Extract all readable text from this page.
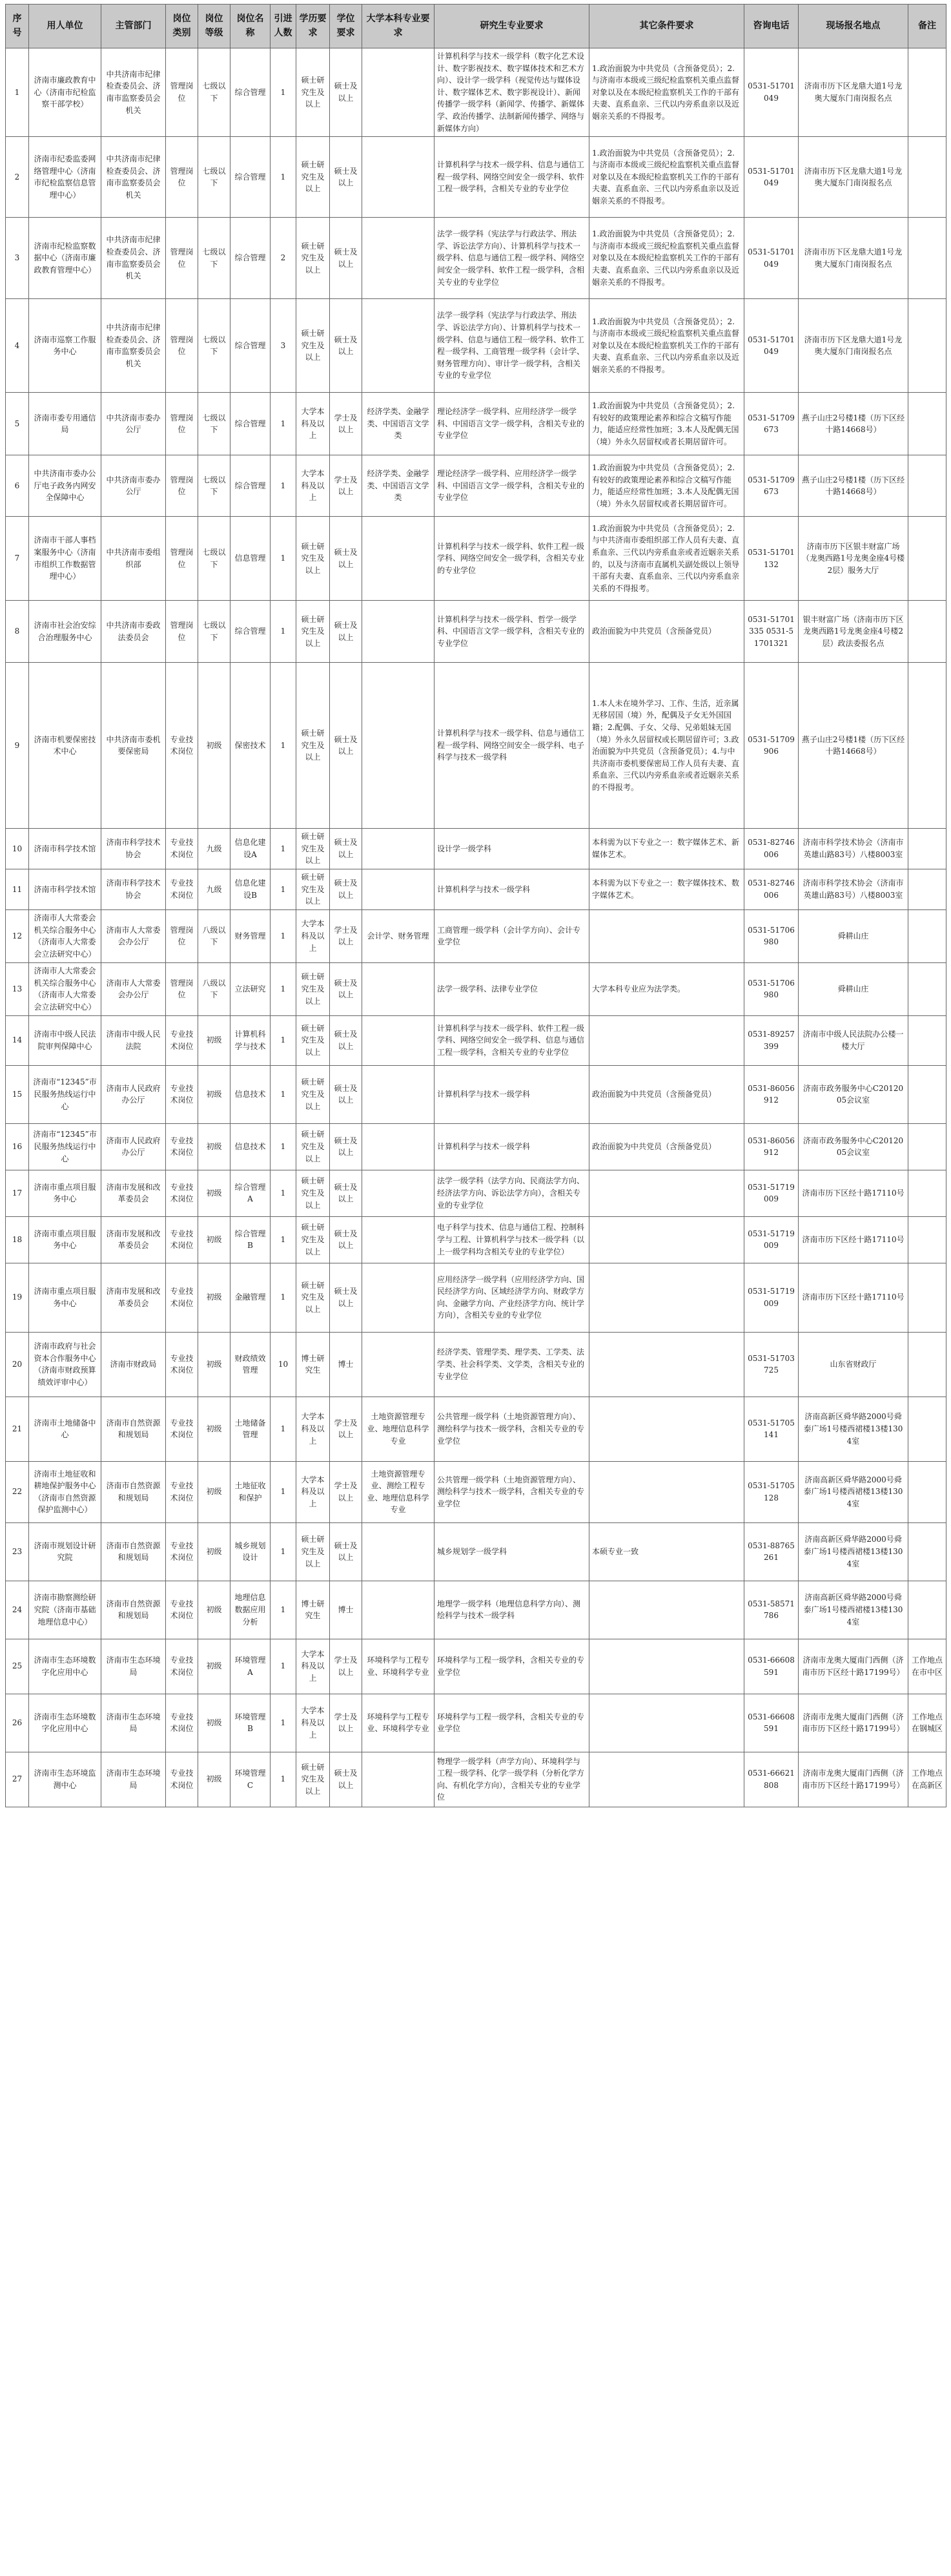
序号	用人单位	主管部门	岗位类别	岗位等级	岗位名称	引进人数	学历要求	学位要求	大学本科专业要求	研究生专业要求	其它条件要求	咨询电话	现场报名地点	备注
1	济南市廉政教育中心（济南市纪检监察干部学校）	中共济南市纪律检查委员会、济南市监察委员会机关	管理岗位	七级以下	综合管理	1	硕士研究生及以上	硕士及以上		计算机科学与技术一级学科（数字化艺术设计、数字影视技术、数字媒体技术和艺术方向）、设计学一级学科（视觉传达与媒体设计、数字媒体艺术、数字影视设计）、新闻传播学一级学科（新闻学、传播学、新媒体学、政治传播学、法制新闻传播学、网络与新媒体方向）	1.政治面貌为中共党员（含预备党员）；2.与济南市本级或三级纪检监察机关重点监督对象以及在本级纪检监察机关工作的干部有夫妻、直系血亲、三代以内旁系血亲以及近姻亲关系的不得报考。	0531-51701049	济南市历下区龙鼎大道1号龙奥大厦东门南岗报名点	
2	济南市纪委监委网络管理中心（济南市纪检监察信息管理中心）	中共济南市纪律检查委员会、济南市监察委员会机关	管理岗位	七级以下	综合管理	1	硕士研究生及以上	硕士及以上		计算机科学与技术一级学科、信息与通信工程一级学科、网络空间安全一级学科、软件工程一级学科，含相关专业的专业学位	1.政治面貌为中共党员（含预备党员）；2.与济南市本级或三级纪检监察机关重点监督对象以及在本级纪检监察机关工作的干部有夫妻、直系血亲、三代以内旁系血亲以及近姻亲关系的不得报考。	0531-51701049	济南市历下区龙鼎大道1号龙奥大厦东门南岗报名点	
3	济南市纪检监察数据中心（济南市廉政教育管理中心）	中共济南市纪律检查委员会、济南市监察委员会机关	管理岗位	七级以下	综合管理	2	硕士研究生及以上	硕士及以上		法学一级学科（宪法学与行政法学、刑法学、诉讼法学方向）、计算机科学与技术一级学科、信息与通信工程一级学科、网络空间安全一级学科、软件工程一级学科，含相关专业的专业学位	1.政治面貌为中共党员（含预备党员）；2.与济南市本级或三级纪检监察机关重点监督对象以及在本级纪检监察机关工作的干部有夫妻、直系血亲、三代以内旁系血亲以及近姻亲关系的不得报考。	0531-51701049	济南市历下区龙鼎大道1号龙奥大厦东门南岗报名点	
4	济南市巡察工作服务中心	中共济南市纪律检查委员会、济南市监察委员会机关	管理岗位	七级以下	综合管理	3	硕士研究生及以上	硕士及以上		法学一级学科（宪法学与行政法学、刑法学、诉讼法学方向）、计算机科学与技术一级学科、信息与通信工程一级学科、软件工程一级学科、工商管理一级学科（会计学、财务管理方向）、审计学一级学科，含相关专业的专业学位	1.政治面貌为中共党员（含预备党员）；2.与济南市本级或三级纪检监察机关重点监督对象以及在本级纪检监察机关工作的干部有夫妻、直系血亲、三代以内旁系血亲以及近姻亲关系的不得报考。	0531-51701049	济南市历下区龙鼎大道1号龙奥大厦东门南岗报名点	
5	济南市委专用通信局	中共济南市委办公厅	管理岗位	七级以下	综合管理	1	大学本科及以上	学士及以上	经济学类、金融学类、中国语言文学类	理论经济学一级学科、应用经济学一级学科、中国语言文学一级学科，含相关专业的专业学位	1.政治面貌为中共党员（含预备党员）；2.有较好的政策理论素养和综合文稿写作能力，能适应经常性加班；3.本人及配偶无国（境）外永久居留权或者长期居留许可。	0531-51709673	燕子山庄2号楼1楼（历下区经十路14668号）	
6	中共济南市委办公厅电子政务内网安全保障中心	中共济南市委办公厅	管理岗位	七级以下	综合管理	1	大学本科及以上	学士及以上	经济学类、金融学类、中国语言文学类	理论经济学一级学科、应用经济学一级学科、中国语言文学一级学科，含相关专业的专业学位	1.政治面貌为中共党员（含预备党员）；2.有较好的政策理论素养和综合文稿写作能力，能适应经常性加班；3.本人及配偶无国（境）外永久居留权或者长期居留许可。	0531-51709673	燕子山庄2号楼1楼（历下区经十路14668号）	
7	济南市干部人事档案服务中心（济南市组织工作数据管理中心）	中共济南市委组织部	管理岗位	七级以下	信息管理	1	硕士研究生及以上	硕士及以上		计算机科学与技术一级学科、软件工程一级学科、网络空间安全一级学科，含相关专业的专业学位	1.政治面貌为中共党员（含预备党员）；2.与中共济南市委组织部工作人员有夫妻、直系血亲、三代以内旁系血亲或者近姻亲关系的，以及与济南市直属机关副处级以上领导干部有夫妻、直系血亲、三代以内旁系血亲关系的不得报考。	0531-51701132	济南市历下区银丰财富广场（龙奥西路1号龙奥金座4号楼2层）服务大厅	
8	济南市社会治安综合治理服务中心	中共济南市委政法委员会	管理岗位	七级以下	综合管理	1	硕士研究生及以上	硕士及以上		计算机科学与技术一级学科、哲学一级学科、中国语言文学一级学科，含相关专业的专业学位	政治面貌为中共党员（含预备党员）	0531-51701335 0531-51701321	银丰财富广场（济南市历下区龙奥西路1号龙奥金座4号楼2层）政法委报名点	
9	济南市机要保密技术中心	中共济南市委机要保密局	专业技术岗位	初级	保密技术	1	硕士研究生及以上	硕士及以上		计算机科学与技术一级学科、信息与通信工程一级学科、网络空间安全一级学科、电子科学与技术一级学科	1.本人未在境外学习、工作、生活，近亲属无移居国（境）外，配偶及子女无外国国籍；2.配偶、子女、父母、兄弟姐妹无国（境）外永久居留权或长期居留许可；3.政治面貌为中共党员（含预备党员）；4.与中共济南市委机要保密局工作人员有夫妻、直系血亲、三代以内旁系血亲或者近姻亲关系的不得报考。	0531-51709906	燕子山庄2号楼1楼（历下区经十路14668号）	
10	济南市科学技术馆	济南市科学技术协会	专业技术岗位	九级	信息化建设A	1	硕士研究生及以上	硕士及以上		设计学一级学科	本科需为以下专业之一：数字媒体艺术、新媒体艺术。	0531-82746006	济南市科学技术协会（济南市英雄山路83号）八楼8003室	
11	济南市科学技术馆	济南市科学技术协会	专业技术岗位	九级	信息化建设B	1	硕士研究生及以上	硕士及以上		计算机科学与技术一级学科	本科需为以下专业之一：数字媒体技术、数字媒体艺术。	0531-82746006	济南市科学技术协会（济南市英雄山路83号）八楼8003室	
12	济南市人大常委会机关综合服务中心（济南市人大常委会立法研究中心）	济南市人大常委会办公厅	管理岗位	八级以下	财务管理	1	大学本科及以上	学士及以上	会计学、财务管理	工商管理一级学科（会计学方向）、会计专业学位		0531-51706980	舜耕山庄	
13	济南市人大常委会机关综合服务中心（济南市人大常委会立法研究中心）	济南市人大常委会办公厅	管理岗位	八级以下	立法研究	1	硕士研究生及以上	硕士及以上		法学一级学科、法律专业学位	大学本科专业应为法学类。	0531-51706980	舜耕山庄	
14	济南市中级人民法院审判保障中心	济南市中级人民法院	专业技术岗位	初级	计算机科学与技术	1	硕士研究生及以上	硕士及以上		计算机科学与技术一级学科、软件工程一级学科、网络空间安全一级学科、信息与通信工程一级学科，含相关专业的专业学位		0531-89257399	济南市中级人民法院办公楼一楼大厅	
15	济南市“12345”市民服务热线运行中心	济南市人民政府办公厅	专业技术岗位	初级	信息技术	1	硕士研究生及以上	硕士及以上		计算机科学与技术一级学科	政治面貌为中共党员（含预备党员）	0531-86056912	济南市政务服务中心C2012005会议室	
16	济南市“12345”市民服务热线运行中心	济南市人民政府办公厅	专业技术岗位	初级	信息技术	1	硕士研究生及以上	硕士及以上		计算机科学与技术一级学科	政治面貌为中共党员（含预备党员）	0531-86056912	济南市政务服务中心C2012005会议室	
17	济南市重点项目服务中心	济南市发展和改革委员会	专业技术岗位	初级	综合管理A	1	硕士研究生及以上	硕士及以上		法学一级学科（法学方向、民商法学方向、经济法学方向、诉讼法学方向），含相关专业的专业学位		0531-51719009	济南市历下区经十路17110号	
18	济南市重点项目服务中心	济南市发展和改革委员会	专业技术岗位	初级	综合管理B	1	硕士研究生及以上	硕士及以上		电子科学与技术、信息与通信工程、控制科学与工程、计算机科学与技术一级学科（以上一级学科均含相关专业的专业学位）		0531-51719009	济南市历下区经十路17110号	
19	济南市重点项目服务中心	济南市发展和改革委员会	专业技术岗位	初级	金融管理	1	硕士研究生及以上	硕士及以上		应用经济学一级学科（应用经济学方向、国民经济学方向、区域经济学方向、财政学方向、金融学方向、产业经济学方向、统计学方向），含相关专业的专业学位		0531-51719009	济南市历下区经十路17110号	
20	济南市政府与社会资本合作服务中心（济南市财政预算绩效评审中心）	济南市财政局	专业技术岗位	初级	财政绩效管理	10	博士研究生	博士		经济学类、管理学类、理学类、工学类、法学类、社会科学类、文学类，含相关专业的专业学位		0531-51703725	山东省财政厅	
21	济南市土地储备中心	济南市自然资源和规划局	专业技术岗位	初级	土地储备管理	1	大学本科及以上	学士及以上	土地资源管理专业、地理信息科学专业	公共管理一级学科（土地资源管理方向）、测绘科学与技术一级学科，含相关专业的专业学位		0531-51705141	济南高新区舜华路2000号舜泰广场1号楼西裙楼13楼1304室	
22	济南市土地征收和耕地保护服务中心（济南市自然资源保护监测中心）	济南市自然资源和规划局	专业技术岗位	初级	土地征收和保护	1	大学本科及以上	学士及以上	土地资源管理专业、测绘工程专业、地理信息科学专业	公共管理一级学科（土地资源管理方向）、测绘科学与技术一级学科，含相关专业的专业学位		0531-51705128	济南高新区舜华路2000号舜泰广场1号楼西裙楼13楼1304室	
23	济南市规划设计研究院	济南市自然资源和规划局	专业技术岗位	初级	城乡规划设计	1	硕士研究生及以上	硕士及以上		城乡规划学一级学科	本硕专业一致	0531-88765261	济南高新区舜华路2000号舜泰广场1号楼西裙楼13楼1304室	
24	济南市勘察测绘研究院（济南市基础地理信息中心）	济南市自然资源和规划局	专业技术岗位	初级	地理信息数据应用分析	1	博士研究生	博士		地理学一级学科（地理信息科学方向）、测绘科学与技术一级学科		0531-58571786	济南高新区舜华路2000号舜泰广场1号楼西裙楼13楼1304室	
25	济南市生态环境数字化应用中心	济南市生态环境局	专业技术岗位	初级	环境管理A	1	大学本科及以上	学士及以上	环境科学与工程专业、环境科学专业	环境科学与工程一级学科，含相关专业的专业学位		0531-66608591	济南市龙奥大厦南门西侧（济南市历下区经十路17199号）	工作地点在市中区
26	济南市生态环境数字化应用中心	济南市生态环境局	专业技术岗位	初级	环境管理B	1	大学本科及以上	学士及以上	环境科学与工程专业、环境科学专业	环境科学与工程一级学科，含相关专业的专业学位		0531-66608591	济南市龙奥大厦南门西侧（济南市历下区经十路17199号）	工作地点在钢城区
27	济南市生态环境监测中心	济南市生态环境局	专业技术岗位	初级	环境管理C	1	硕士研究生及以上	硕士及以上		物理学一级学科（声学方向）、环境科学与工程一级学科、化学一级学科（分析化学方向、有机化学方向），含相关专业的专业学位		0531-66621808	济南市龙奥大厦南门西侧（济南市历下区经十路17199号）	工作地点在高新区
